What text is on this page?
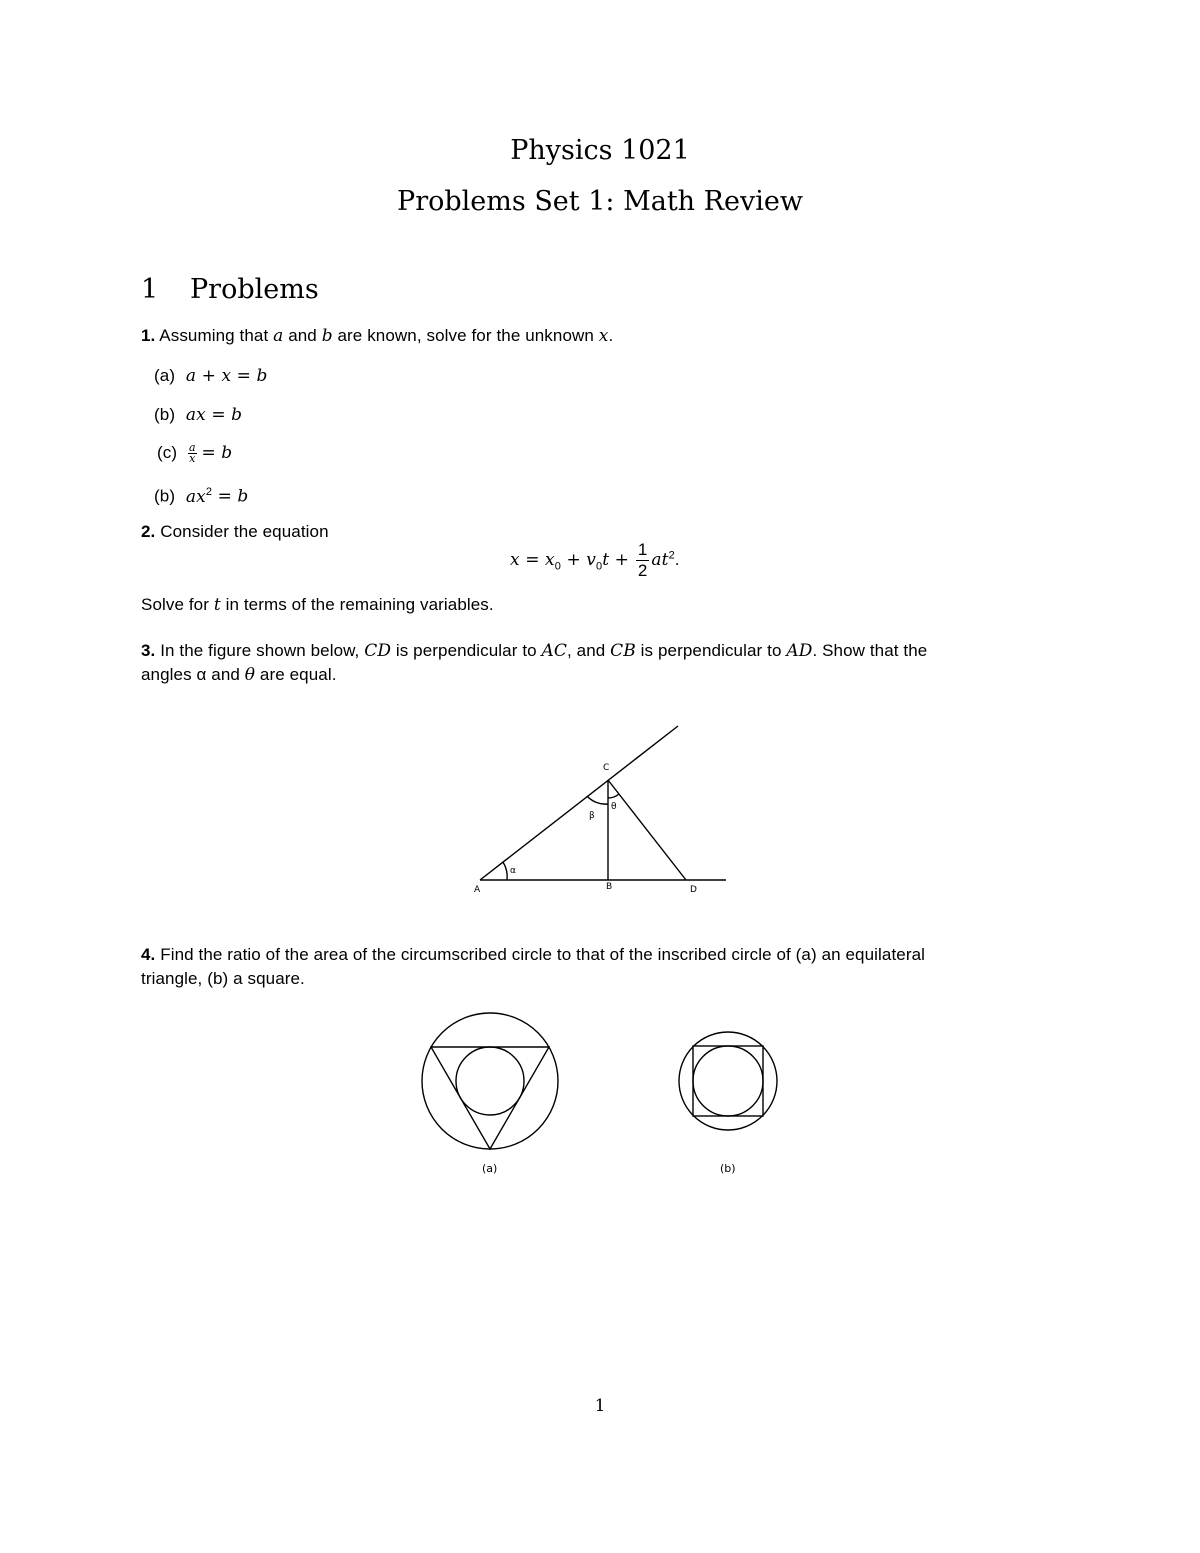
Physics 1021
Problems Set 1: Math Review
1 Problems
1. Assuming that a and b are known, solve for the unknown x.
(a) a + x = b
(b) ax = b
$(c) \frac{a}{x} = b$
(b) $ax^2 = b$
2. Consider the equation
$x = x_0 + v_0t + \frac{1}{2} at^2$.
Solve for t in terms of the remaining variables.
3. In the figure shown below, CD is perpendicular to AC, and CB is perpendicular to AD. Show that the
angles α and θ are equal.
A	B
C
D
α
β
θ
4. Find the ratio of the area of the circumscribed circle to that of the inscribed circle of (a) an equilateral
triangle, (b) a square.
(a)	(b)
1
